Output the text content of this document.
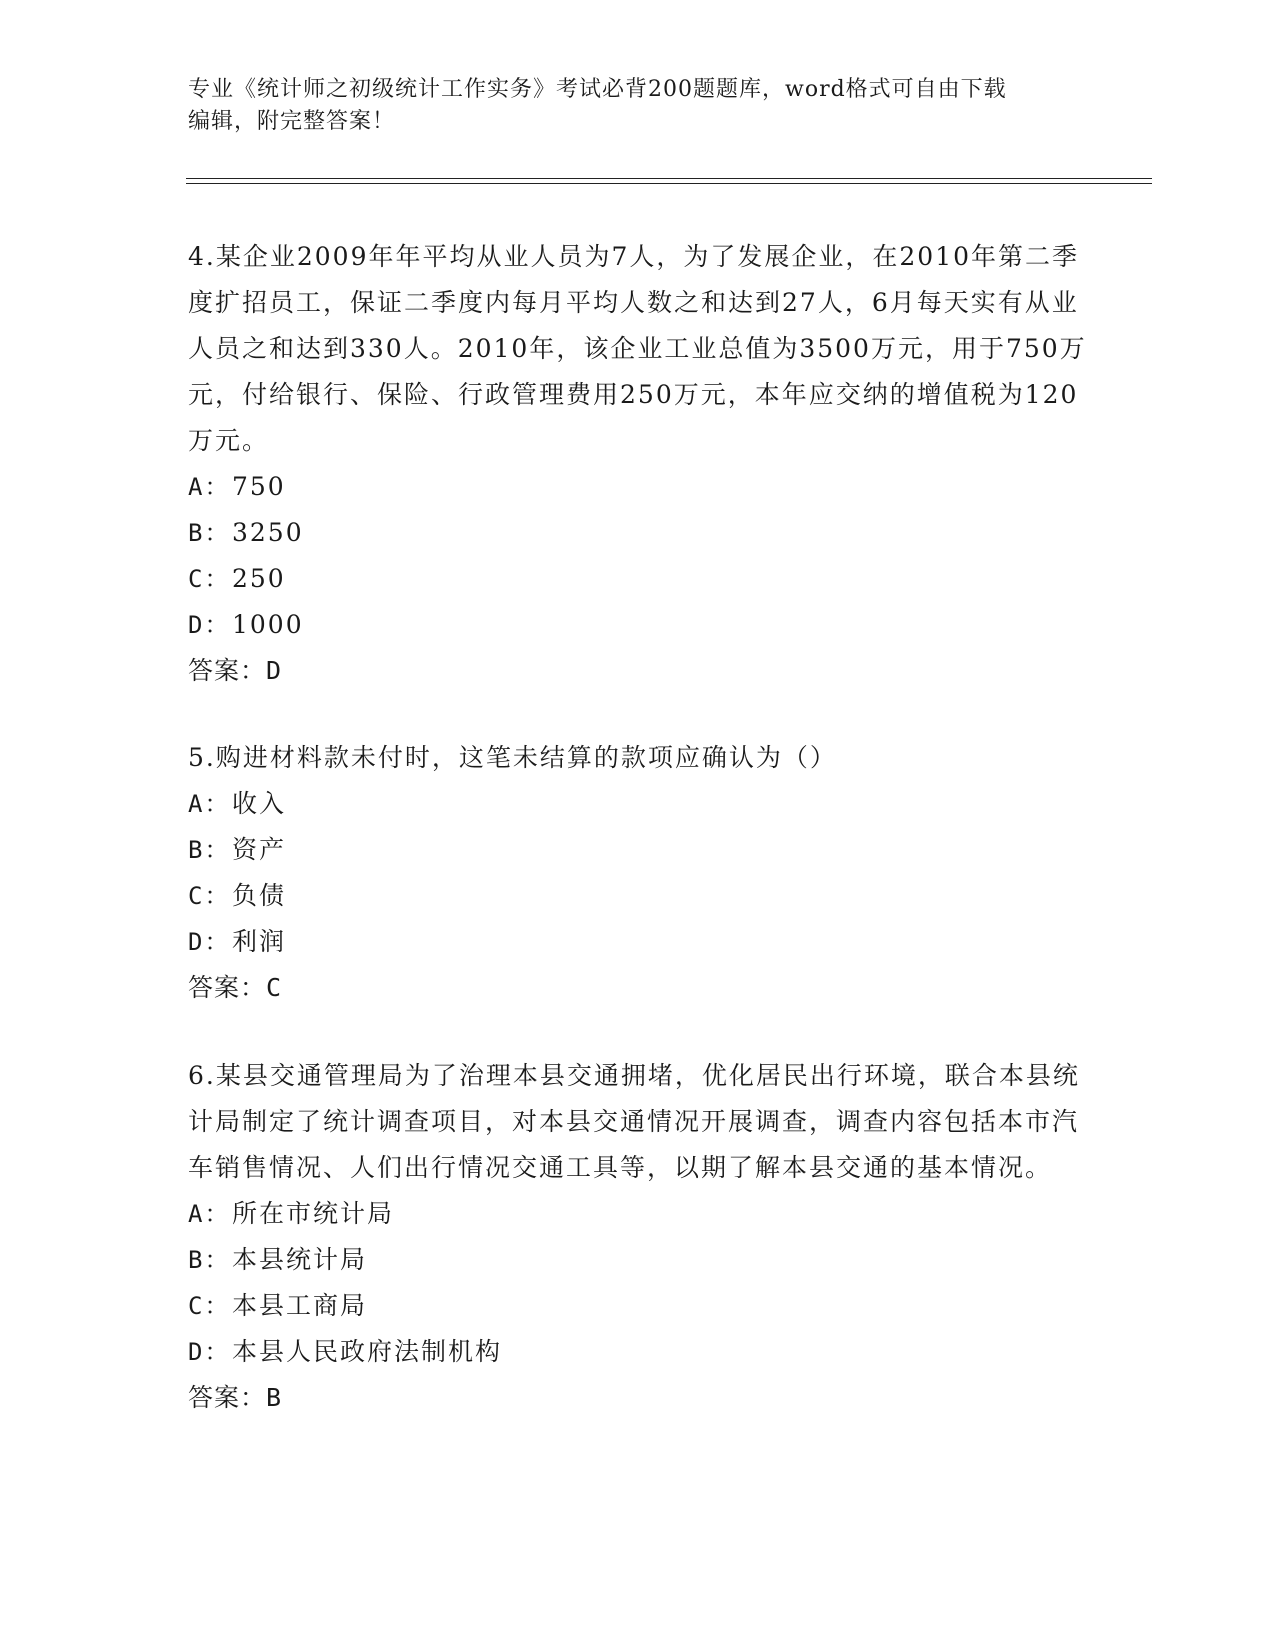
专业《统计师之初级统计工作实务》考试必背200题题库，word格式可自由下载
编辑，附完整答案！

4.某企业2009年年平均从业人员为7人，为了发展企业，在2010年第二季度扩招员工，保证二季度内每月平均人数之和达到27人，6月每天实有从业人员之和达到330人。2010年，该企业工业总值为3500万元，用于750万元，付给银行、保险、行政管理费用250万元，本年应交纳的增值税为120万元。

A：750

B：3250

C：250

D：1000

答案：D

5.购进材料款未付时，这笔未结算的款项应确认为（）

A：收入

B：资产

C：负债

D：利润

答案：C

6.某县交通管理局为了治理本县交通拥堵，优化居民出行环境，联合本县统计局制定了统计调查项目，对本县交通情况开展调查，调查内容包括本市汽车销售情况、人们出行情况交通工具等，以期了解本县交通的基本情况。

A：所在市统计局

B：本县统计局

C：本县工商局

D：本县人民政府法制机构

答案：B
